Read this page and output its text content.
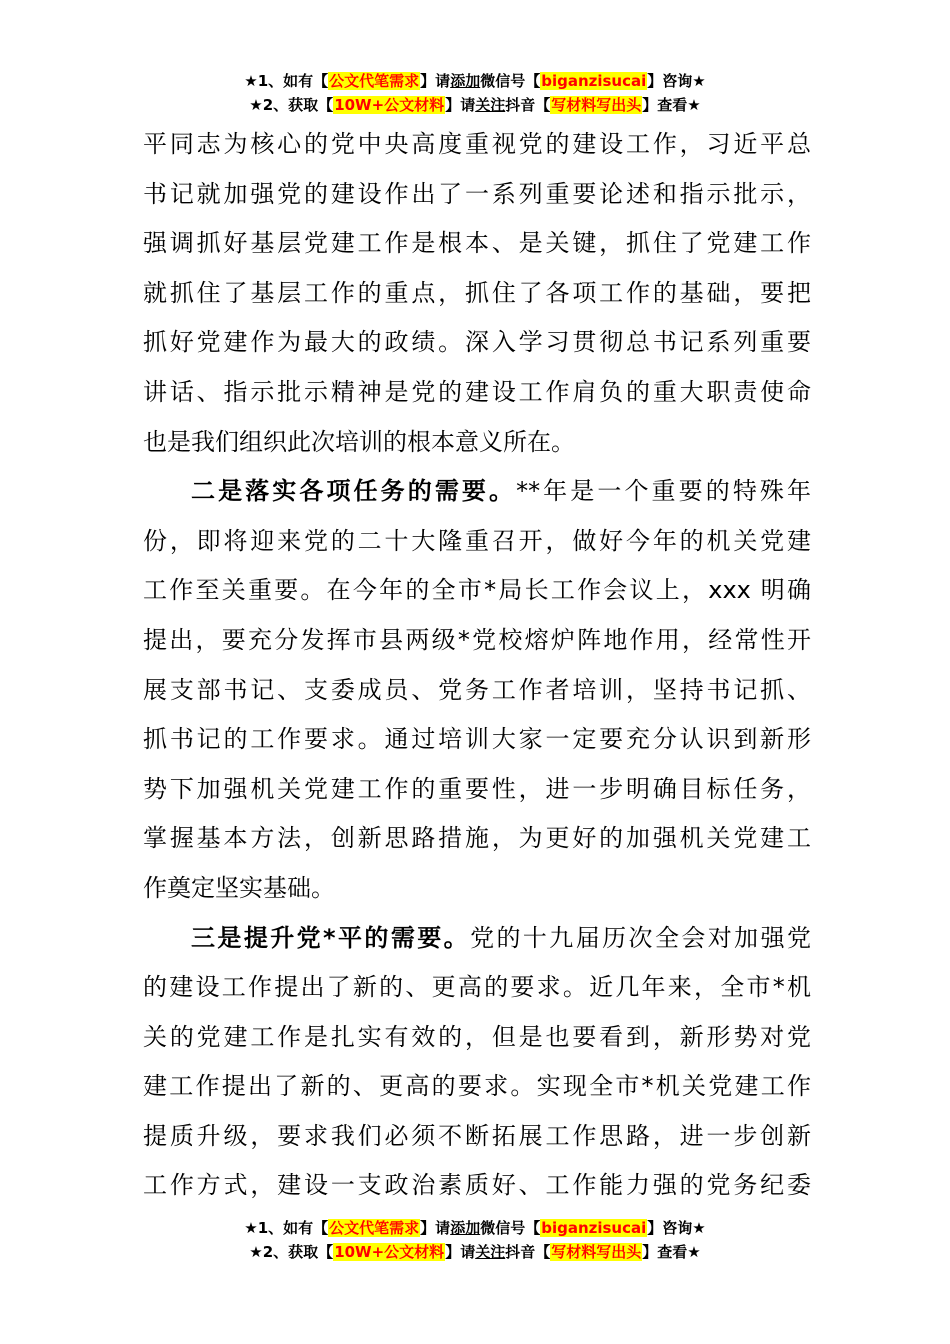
★1、如有【公文代笔需求】请添加微信号【biganzisucai】咨询★
★2、获取【10W+公文材料】请关注抖音【写材料写出头】查看★

平同志为核心的党中央高度重视党的建设工作，习近平总
书记就加强党的建设作出了一系列重要论述和指示批示，
强调抓好基层党建工作是根本、是关键，抓住了党建工作
就抓住了基层工作的重点，抓住了各项工作的基础，要把
抓好党建作为最大的政绩。深入学习贯彻总书记系列重要
讲话、指示批示精神是党的建设工作肩负的重大职责使命
也是我们组织此次培训的根本意义所在。

二是落实各项任务的需要。**年是一个重要的特殊年
份，即将迎来党的二十大隆重召开，做好今年的机关党建
工作至关重要。在今年的全市*局长工作会议上，xxx 明确
提出，要充分发挥市县两级*党校熔炉阵地作用，经常性开
展支部书记、支委成员、党务工作者培训，坚持书记抓、
抓书记的工作要求。通过培训大家一定要充分认识到新形
势下加强机关党建工作的重要性，进一步明确目标任务，
掌握基本方法，创新思路措施，为更好的加强机关党建工
作奠定坚实基础。

三是提升党*平的需要。党的十九届历次全会对加强党
的建设工作提出了新的、更高的要求。近几年来，全市*机
关的党建工作是扎实有效的，但是也要看到，新形势对党
建工作提出了新的、更高的要求。实现全市*机关党建工作
提质升级，要求我们必须不断拓展工作思路，进一步创新
工作方式，建设一支政治素质好、工作能力强的党务纪委

★1、如有【公文代笔需求】请添加微信号【biganzisucai】咨询★
★2、获取【10W+公文材料】请关注抖音【写材料写出头】查看★
